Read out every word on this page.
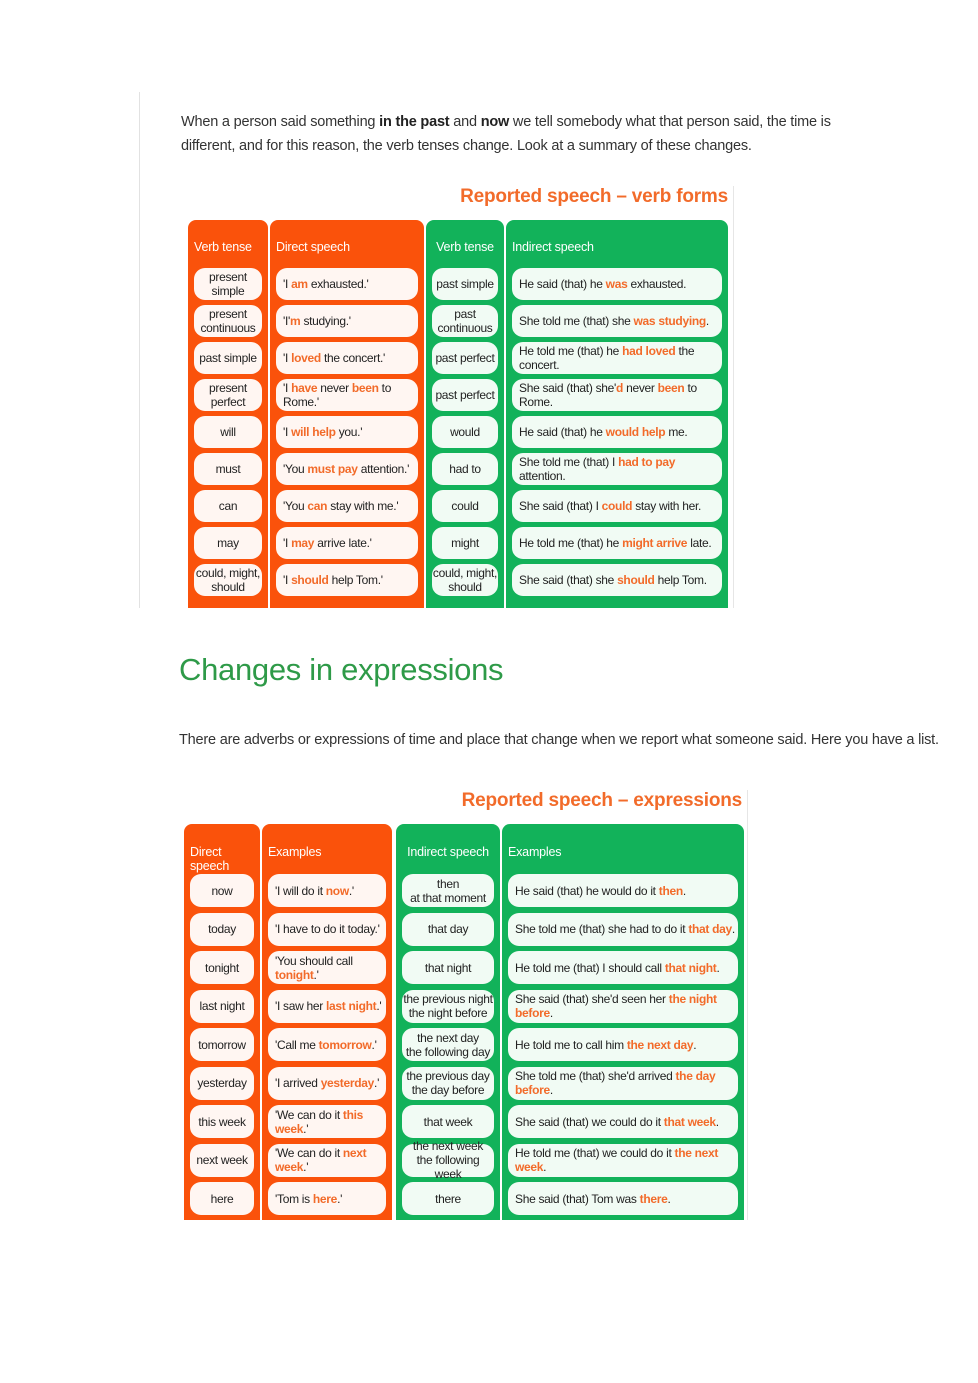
When a person said something in the past and now we tell somebody what that person said, the time is different, and for this reason, the verb tenses change. Look at a summary of these changes.

Reported speech – verb forms
Verb tense
present
simple
present
continuous
past simple
present
perfect
will
must
can
may
could, might,
should
Direct speech
'I am exhausted.'
'I'm studying.'
'I loved the concert.'
'I have never been to Rome.'
'I will help you.'
'You must pay attention.'
'You can stay with me.'
'I may arrive late.'
'I should help Tom.'
Verb tense
past simple
past
continuous
past perfect
past perfect
would
had to
could
might
could, might,
should
Indirect speech
He said (that) he was exhausted.
She told me (that) she was studying.
He told me (that) he had loved the concert.
She said (that) she'd never been to Rome.
He said (that) he would help me.
She told me (that) I had to pay attention.
She said (that) I could stay with her.
He told me (that) he might arrive late.
She said (that) she should help Tom.
Changes in expressions

There are adverbs or expressions of time and place that change when we report what someone said. Here you have a list.

Reported speech – expressions
Direct speech
now
today
tonight
last night
tomorrow
yesterday
this week
next week
here
Examples
'I will do it now.'
'I have to do it today.'
'You should call tonight.'
'I saw her last night.'
'Call me tomorrow.'
'I arrived yesterday.'
'We can do it this week.'
'We can do it next week.'
'Tom is here.'
Indirect speech
then
at that moment
that day
that night
the previous night
the night before
the next day
the following day
the previous day
the day before
that week
the next week
the following week
there
Examples
He said (that) he would do it then.
She told me (that) she had to do it that day.
He told me (that) I should call that night.
She said (that) she'd seen her the night before.
He told me to call him the next day.
She told me (that) she'd arrived the day before.
She said (that) we could do it that week.
He told me (that) we could do it the next week.
She said (that) Tom was there.
